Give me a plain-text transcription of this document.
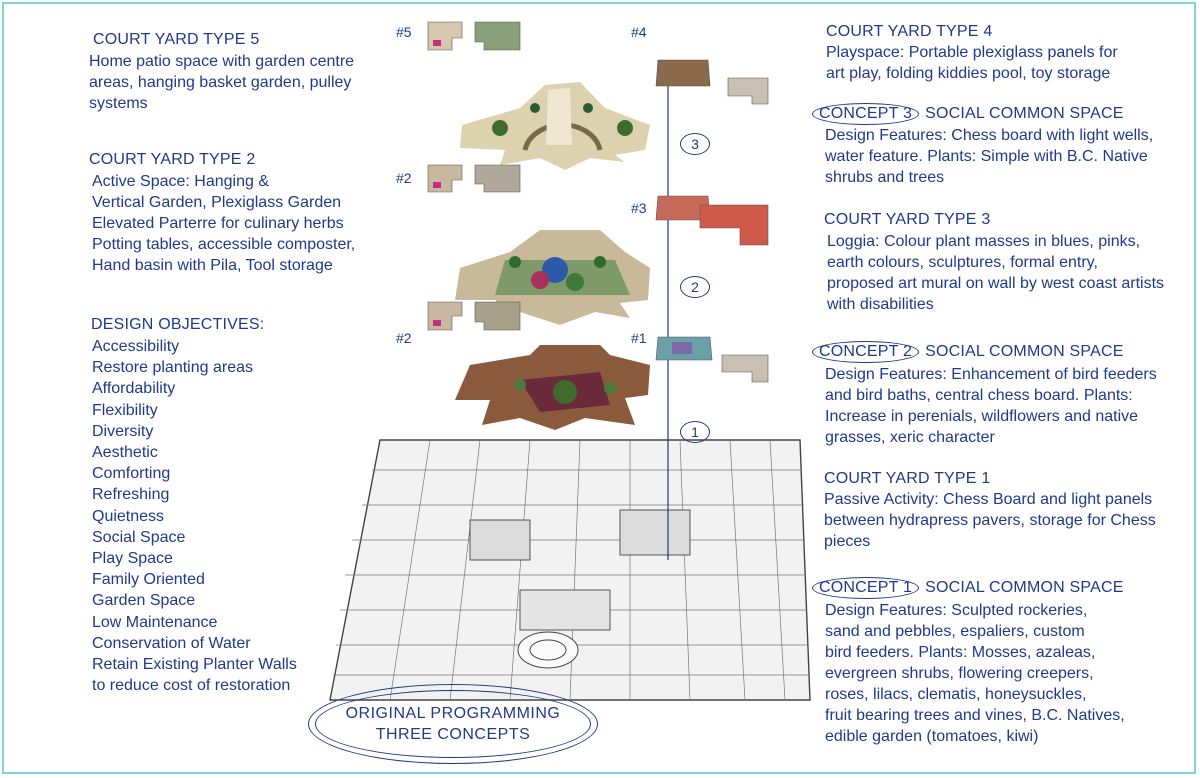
COURT YARD TYPE 5
Home patio space with garden centre
areas, hanging basket garden, pulley
systems
COURT YARD TYPE 2
Active Space: Hanging &
Vertical Garden, Plexiglass Garden
Elevated Parterre for culinary herbs
Potting tables, accessible composter,
Hand basin with Pila, Tool storage
DESIGN OBJECTIVES:
Accessibility
Restore planting areas
Affordability
Flexibility
Diversity
Aesthetic
Comforting
Refreshing
Quietness
Social Space
Play Space
Family Oriented
Garden Space
Low Maintenance
Conservation of Water
Retain Existing Planter Walls
to reduce cost of restoration
#5	#4
#2
#3
#2	#1
3
2
1
COURT YARD TYPE 4
Playspace: Portable plexiglass panels for
art play, folding kiddies pool, toy storage
CONCEPT 3 SOCIAL COMMON SPACE
Design Features: Chess board with light wells,
water feature. Plants: Simple with B.C. Native
shrubs and trees
COURT YARD TYPE 3
Loggia: Colour plant masses in blues, pinks,
earth colours, sculptures, formal entry,
proposed art mural on wall by west coast artists
with disabilities
CONCEPT 2 SOCIAL COMMON SPACE
Design Features: Enhancement of bird feeders
and bird baths, central chess board. Plants:
Increase in perenials, wildflowers and native
grasses, xeric character
COURT YARD TYPE 1
Passive Activity: Chess Board and light panels
between hydrapress pavers, storage for Chess
pieces
CONCEPT 1 SOCIAL COMMON SPACE
Design Features: Sculpted rockeries,
sand and pebbles, espaliers, custom
bird feeders. Plants: Mosses, azaleas,
evergreen shrubs, flowering creepers,
roses, lilacs, clematis, honeysuckles,
fruit bearing trees and vines, B.C. Natives,
edible garden (tomatoes, kiwi)
ORIGINAL PROGRAMMING
THREE CONCEPTS
